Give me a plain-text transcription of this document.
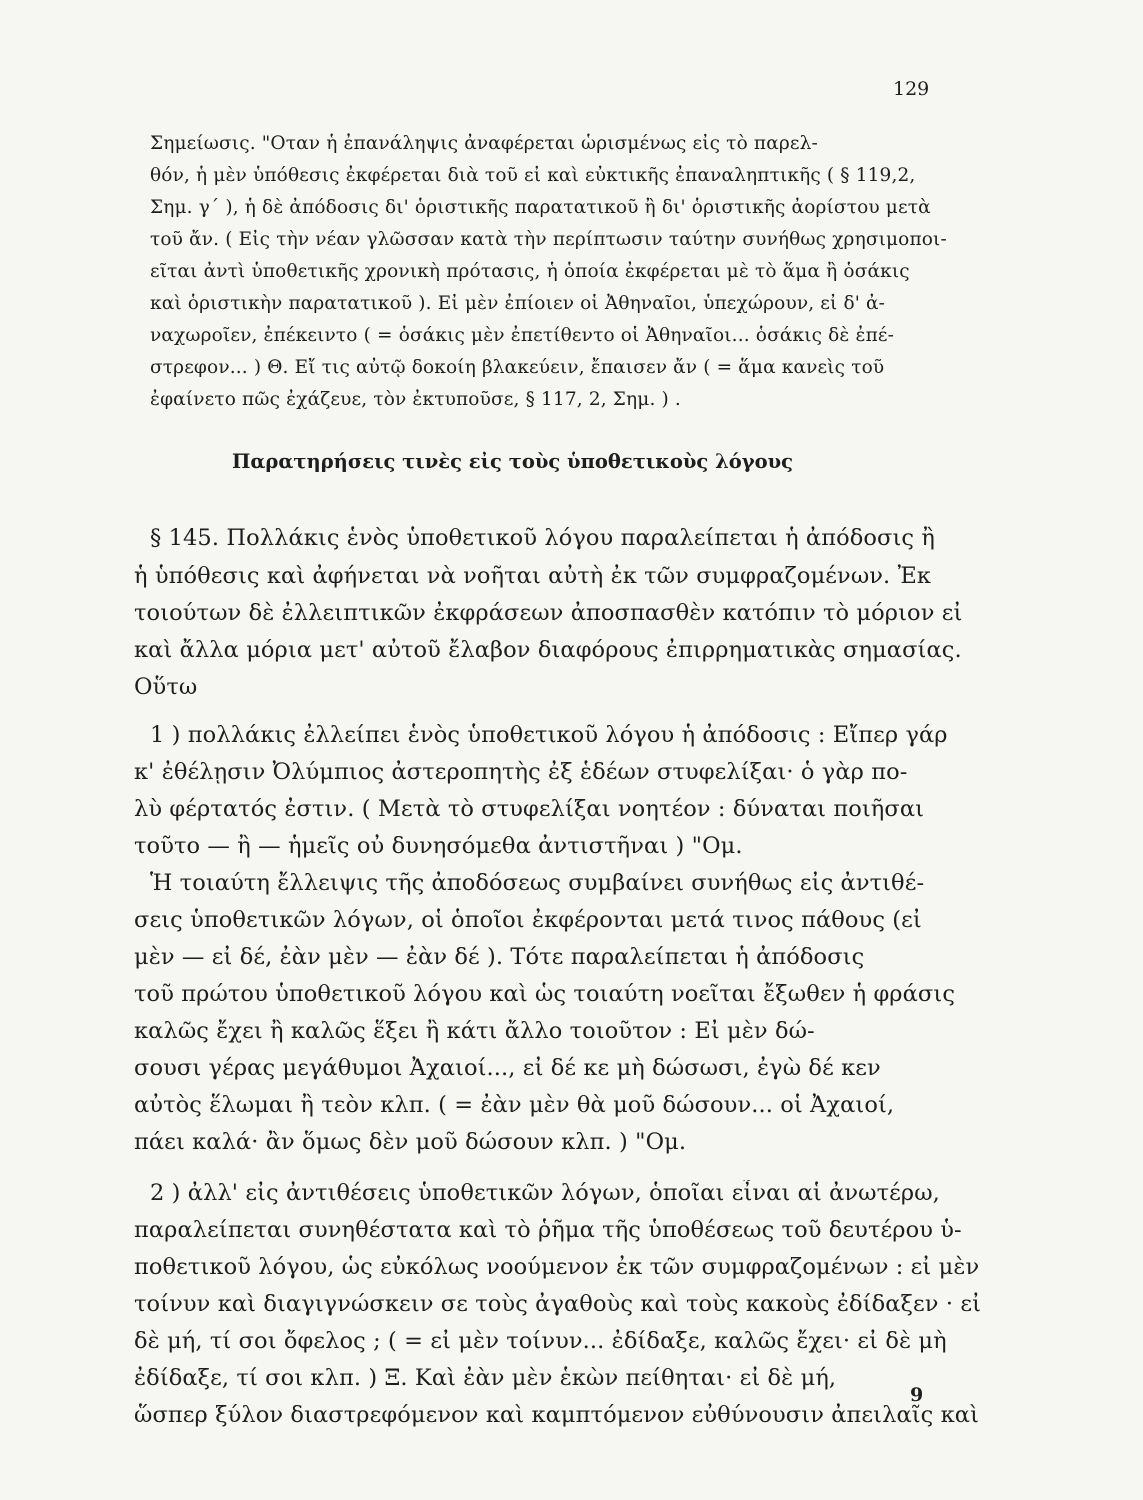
129
Σημείωσις. "Οταν ἡ ἐπανάληψις ἀναφέρεται ὡρισμένως εἰς τὸ παρελ-
θόν, ἡ μὲν ὑπόθεσις ἐκφέρεται διὰ τοῦ εἰ καὶ εὐκτικῆς ἐπαναληπτικῆς ( § 119,2,
Σημ. γ΄ ), ἡ δὲ ἀπόδοσις δι' ὁριστικῆς παρατατικοῦ ἢ δι' ὁριστικῆς ἀορίστου μετὰ
τοῦ ἄν. ( Εἰς τὴν νέαν γλῶσσαν κατὰ τὴν περίπτωσιν ταύτην συνήθως χρησιμοποι-
εῖται ἀντὶ ὑποθετικῆς χρονικὴ πρότασις, ἡ ὁποία ἐκφέρεται μὲ τὸ ἅμα ἢ ὁσάκις
καὶ ὁριστικὴν παρατατικοῦ ). Εἰ μὲν ἐπίοιεν οἱ Ἀθηναῖοι, ὑπεχώρουν, εἰ δ' ἀ-
ναχωροῖεν, ἐπέκειντο ( = ὁσάκις μὲν ἐπετίθεντο οἱ Ἀθηναῖοι... ὁσάκις δὲ ἐπέ-
στρεφον... ) Θ. Εἴ τις αὐτῷ δοκοίη βλακεύειν, ἔπαισεν ἄν ( = ἅμα κανεὶς τοῦ
ἐφαίνετο πῶς ἐχάζευε, τὸν ἐκτυποῦσε, § 117, 2, Σημ. ) .
Παρατηρήσεις τινὲς εἰς τοὺς ὑποθετικοὺς λόγους
§ 145. Πολλάκις ἑνὸς ὑποθετικοῦ λόγου παραλείπεται ἡ ἀπόδοσις ἢ
ἡ ὑπόθεσις καὶ ἀφήνεται νὰ νοῆται αὐτὴ ἐκ τῶν συμφραζομένων. Ἐκ
τοιούτων δὲ ἐλλειπτικῶν ἐκφράσεων ἀποσπασθὲν κατόπιν τὸ μόριον εἰ
καὶ ἄλλα μόρια μετ' αὐτοῦ ἔλαβον διαφόρους ἐπιρρηματικὰς σημασίας.
Οὕτω
1 ) πολλάκις ἐλλείπει ἑνὸς ὑποθετικοῦ λόγου ἡ ἀπόδοσις : Εἴπερ γάρ
κ' ἐθέλῃσιν Ὀλύμπιος ἀστεροπητὴς ἐξ ἑδέων στυφελίξαι· ὁ γὰρ πο-
λὺ φέρτατός ἐστιν. ( Μετὰ τὸ στυφελίξαι νοητέον : δύναται ποιῆσαι
τοῦτο — ἢ — ἡμεῖς οὐ δυνησόμεθα ἀντιστῆναι ) "Ομ.
Ἡ τοιαύτη ἔλλειψις τῆς ἀποδόσεως συμβαίνει συνήθως εἰς ἀντιθέ-
σεις ὑποθετικῶν λόγων, οἱ ὁποῖοι ἐκφέρονται μετά τινος πάθους (εἰ
μὲν — εἰ δέ, ἐὰν μὲν — ἐὰν δέ ). Τότε παραλείπεται ἡ ἀπόδοσις
τοῦ πρώτου ὑποθετικοῦ λόγου καὶ ὡς τοιαύτη νοεῖται ἔξωθεν ἡ φράσις
καλῶς ἔχει ἢ καλῶς ἕξει ἢ κάτι ἄλλο τοιοῦτον : Εἰ μὲν δώ-
σουσι γέρας μεγάθυμοι Ἀχαιοί..., εἰ δέ κε μὴ δώσωσι, ἐγὼ δέ κεν
αὐτὸς ἕλωμαι ἢ τεὸν κλπ. ( = ἐὰν μὲν θὰ μοῦ δώσουν... οἱ Ἀχαιοί,
πάει καλά· ἂν ὅμως δὲν μοῦ δώσουν κλπ. ) "Ομ.
2 ) ἀλλ' εἰς ἀντιθέσεις ὑποθετικῶν λόγων, ὁποῖαι εἶναι αἱ ἀνωτέρω,
παραλείπεται συνηθέστατα καὶ τὸ ῥῆμα τῆς ὑποθέσεως τοῦ δευτέρου ὑ-
ποθετικοῦ λόγου, ὡς εὐκόλως νοούμενον ἐκ τῶν συμφραζομένων : εἰ μὲν
τοίνυν καὶ διαγιγνώσκειν σε τοὺς ἀγαθοὺς καὶ τοὺς κακοὺς ἐδίδαξεν · εἰ
δὲ μή, τί σοι ὄφελος ; ( = εἰ μὲν τοίνυν... ἐδίδαξε, καλῶς ἔχει· εἰ δὲ μὴ
ἐδίδαξε, τί σοι κλπ. ) Ξ. Καὶ ἐὰν μὲν ἑκὼν πείθηται· εἰ δὲ μή,
ὥσπερ ξύλον διαστρεφόμενον καὶ καμπτόμενον εὐθύνουσιν ἀπειλαῖς καὶ
9
